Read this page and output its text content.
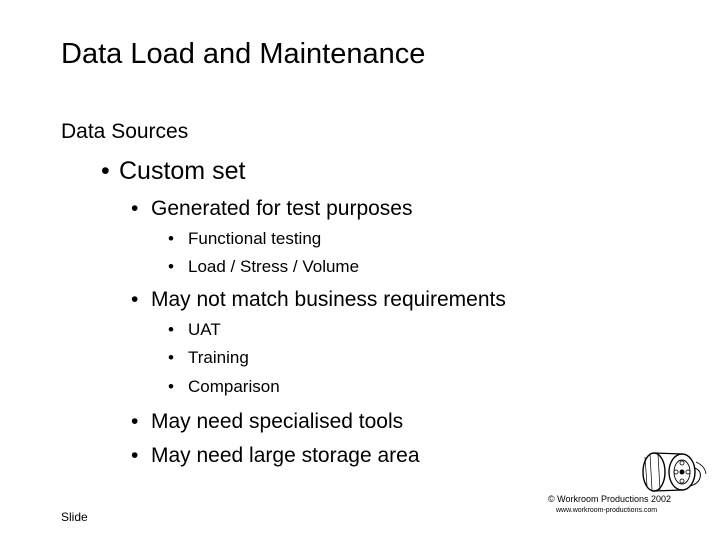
Data Load and Maintenance
Data Sources
• Custom set
• Generated for test purposes
• Functional testing
• Load / Stress / Volume
• May not match business requirements
• UAT
• Training
• Comparison
• May need specialised tools
• May need large storage area
© Workroom Productions 2002
www.workroom-productions.com
Slide
